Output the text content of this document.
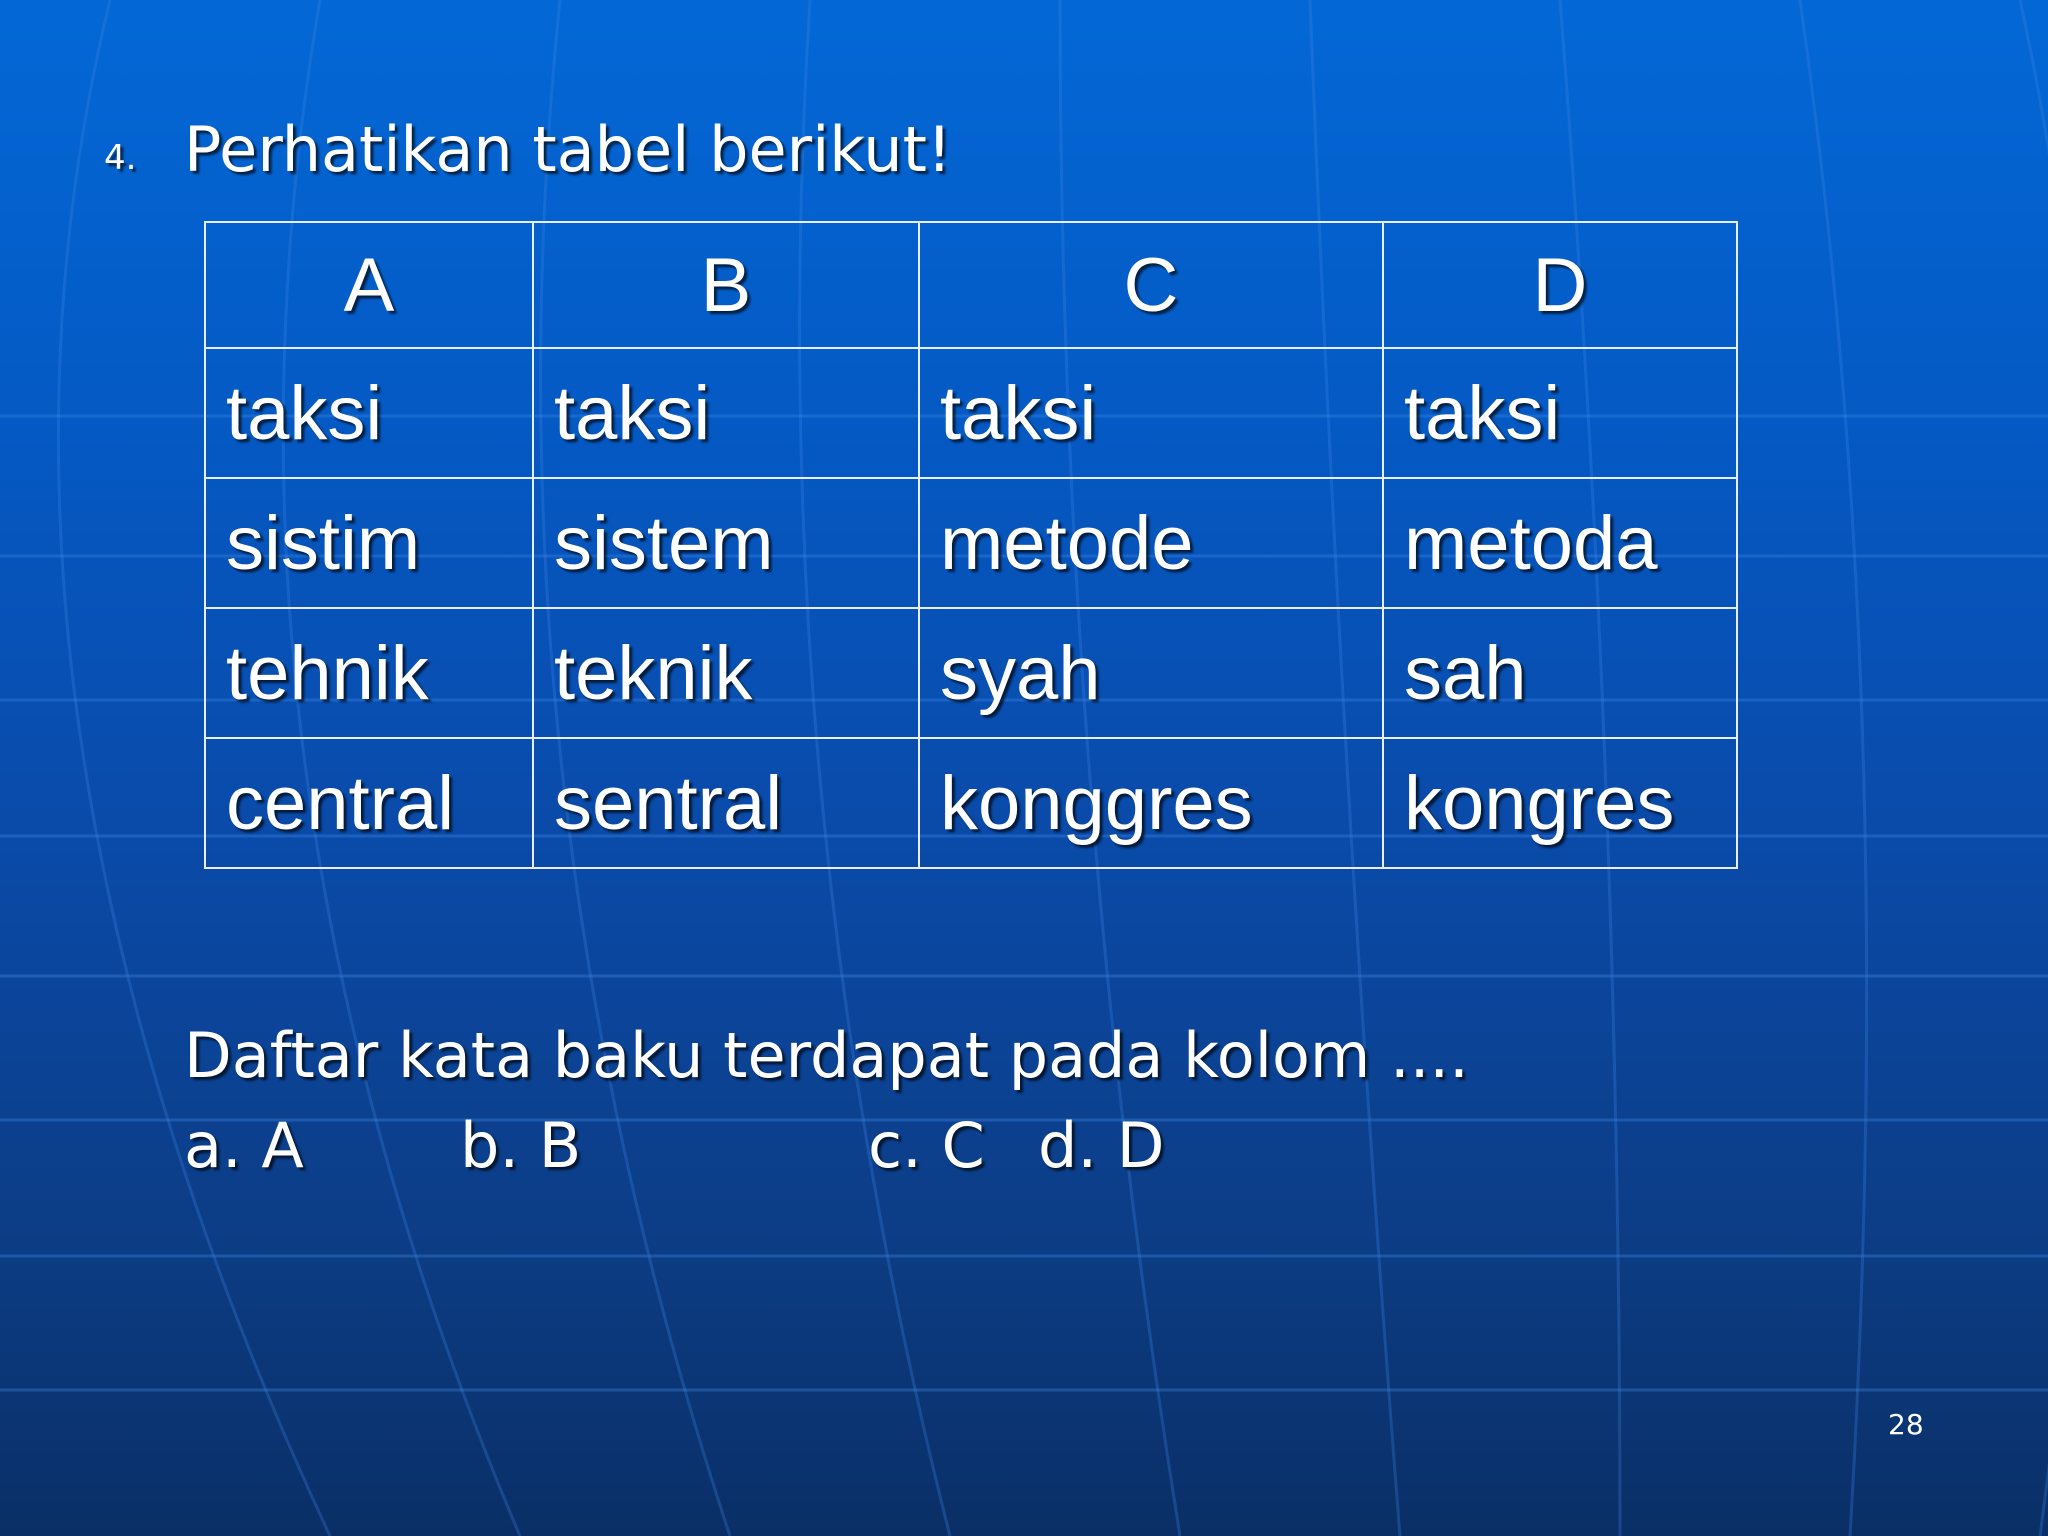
4. Perhatikan tabel berikut!
A	B	C	D
taksi	taksi	taksi	taksi
sistim	sistem	metode	metoda
tehnik	teknik	syah	sah
central	sentral	konggres	kongres
Daftar kata baku terdapat pada kolom ....
a. A	b. B	c. C d. D
28
